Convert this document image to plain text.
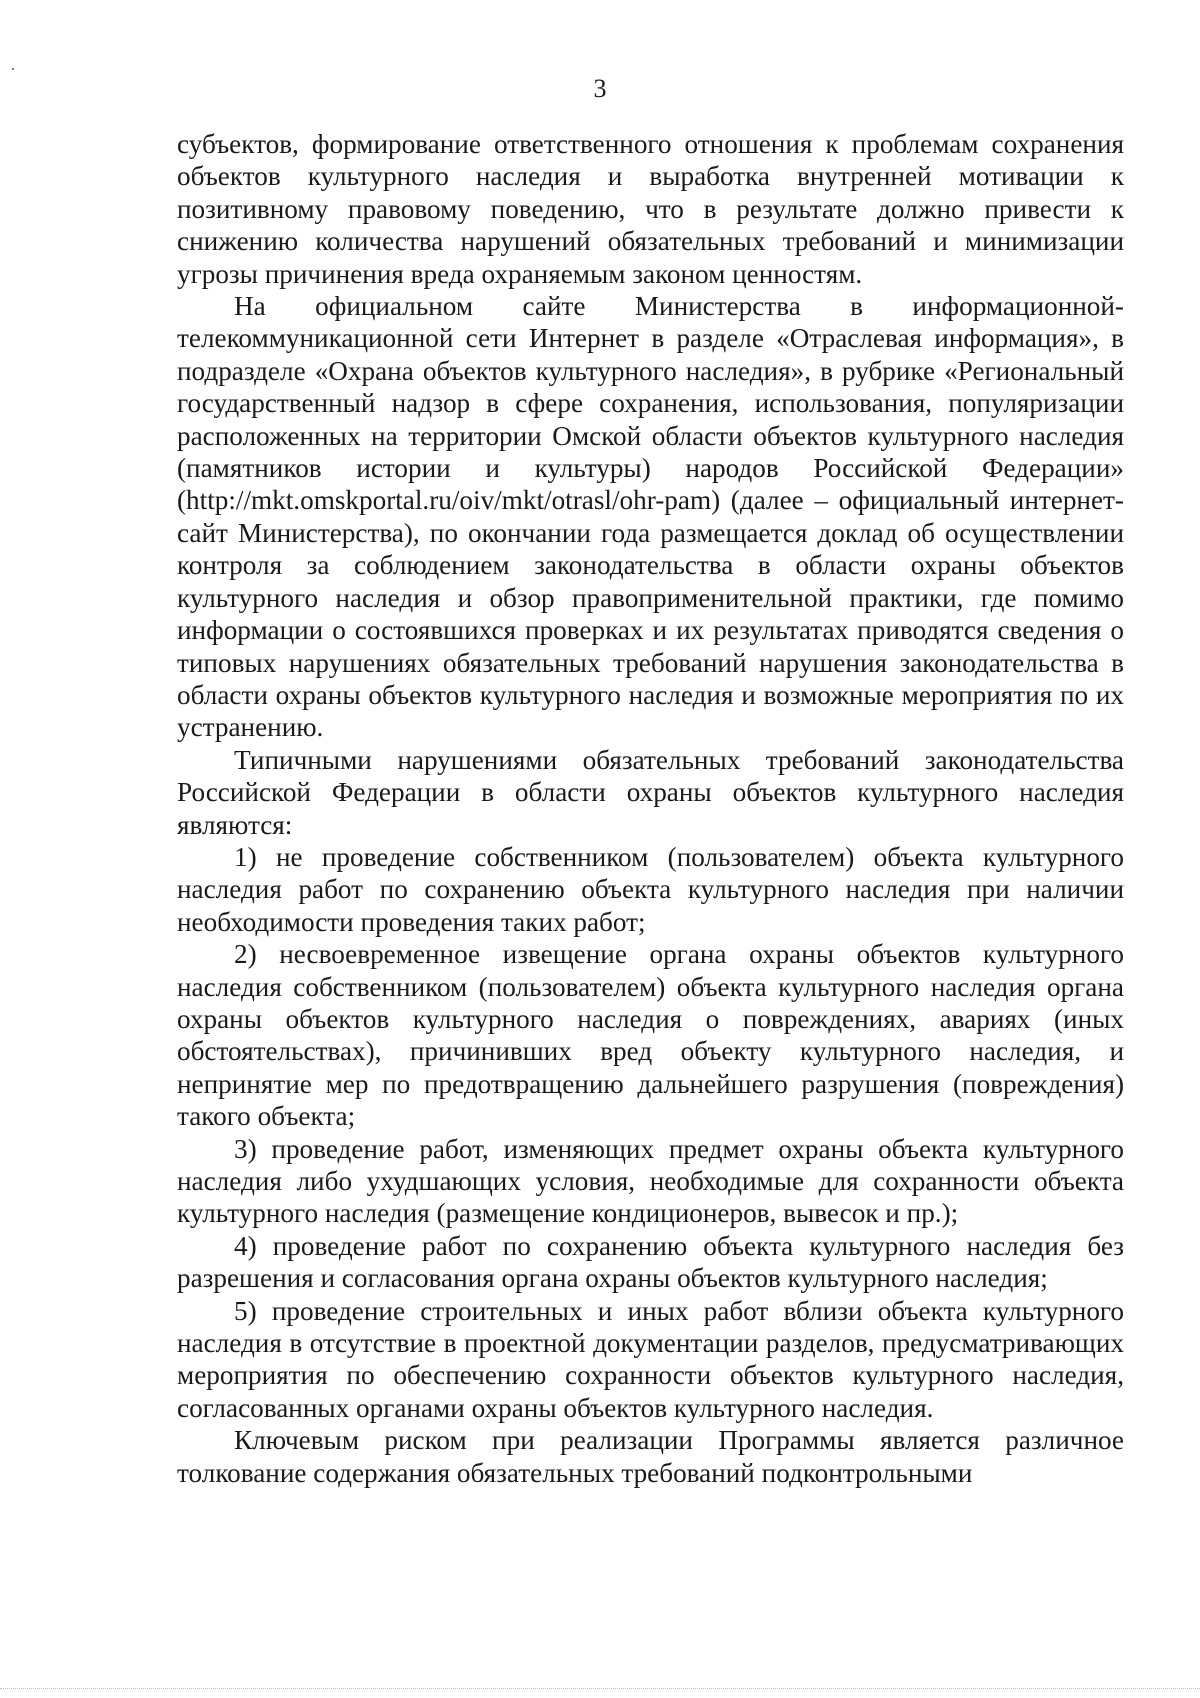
3

субъектов, формирование ответственного отношения к проблемам сохранения объектов культурного наследия и выработка внутренней мотивации к позитивному правовому поведению, что в результате должно привести к снижению количества нарушений обязательных требований и минимизации угрозы причинения вреда охраняемым законом ценностям.

На официальном сайте Министерства в информационной-телекоммуникационной сети Интернет в разделе «Отраслевая информация», в подразделе «Охрана объектов культурного наследия», в рубрике «Региональный государственный надзор в сфере сохранения, использования, популяризации расположенных на территории Омской области объектов культурного наследия (памятников истории и культуры) народов Российской Федерации» (http://mkt.omskportal.ru/oiv/mkt/otrasl/ohr-pam) (далее – официальный интернет-сайт Министерства), по окончании года размещается доклад об осуществлении контроля за соблюдением законодательства в области охраны объектов культурного наследия и обзор правоприменительной практики, где помимо информации о состоявшихся проверках и их результатах приводятся сведения о типовых нарушениях обязательных требований нарушения законодательства в области охраны объектов культурного наследия и возможные мероприятия по их устранению.

Типичными нарушениями обязательных требований законодательства Российской Федерации в области охраны объектов культурного наследия являются:

1) не проведение собственником (пользователем) объекта культурного наследия работ по сохранению объекта культурного наследия при наличии необходимости проведения таких работ;

2) несвоевременное извещение органа охраны объектов культурного наследия собственником (пользователем) объекта культурного наследия органа охраны объектов культурного наследия о повреждениях, авариях (иных обстоятельствах), причинивших вред объекту культурного наследия, и непринятие мер по предотвращению дальнейшего разрушения (повреждения) такого объекта;

3) проведение работ, изменяющих предмет охраны объекта культурного наследия либо ухудшающих условия, необходимые для сохранности объекта культурного наследия (размещение кондиционеров, вывесок и пр.);

4) проведение работ по сохранению объекта культурного наследия без разрешения и согласования органа охраны объектов культурного наследия;

5) проведение строительных и иных работ вблизи объекта культурного наследия в отсутствие в проектной документации разделов, предусматривающих мероприятия по обеспечению сохранности объектов культурного наследия, согласованных органами охраны объектов культурного наследия.

Ключевым риском при реализации Программы является различное толкование содержания обязательных требований подконтрольными
